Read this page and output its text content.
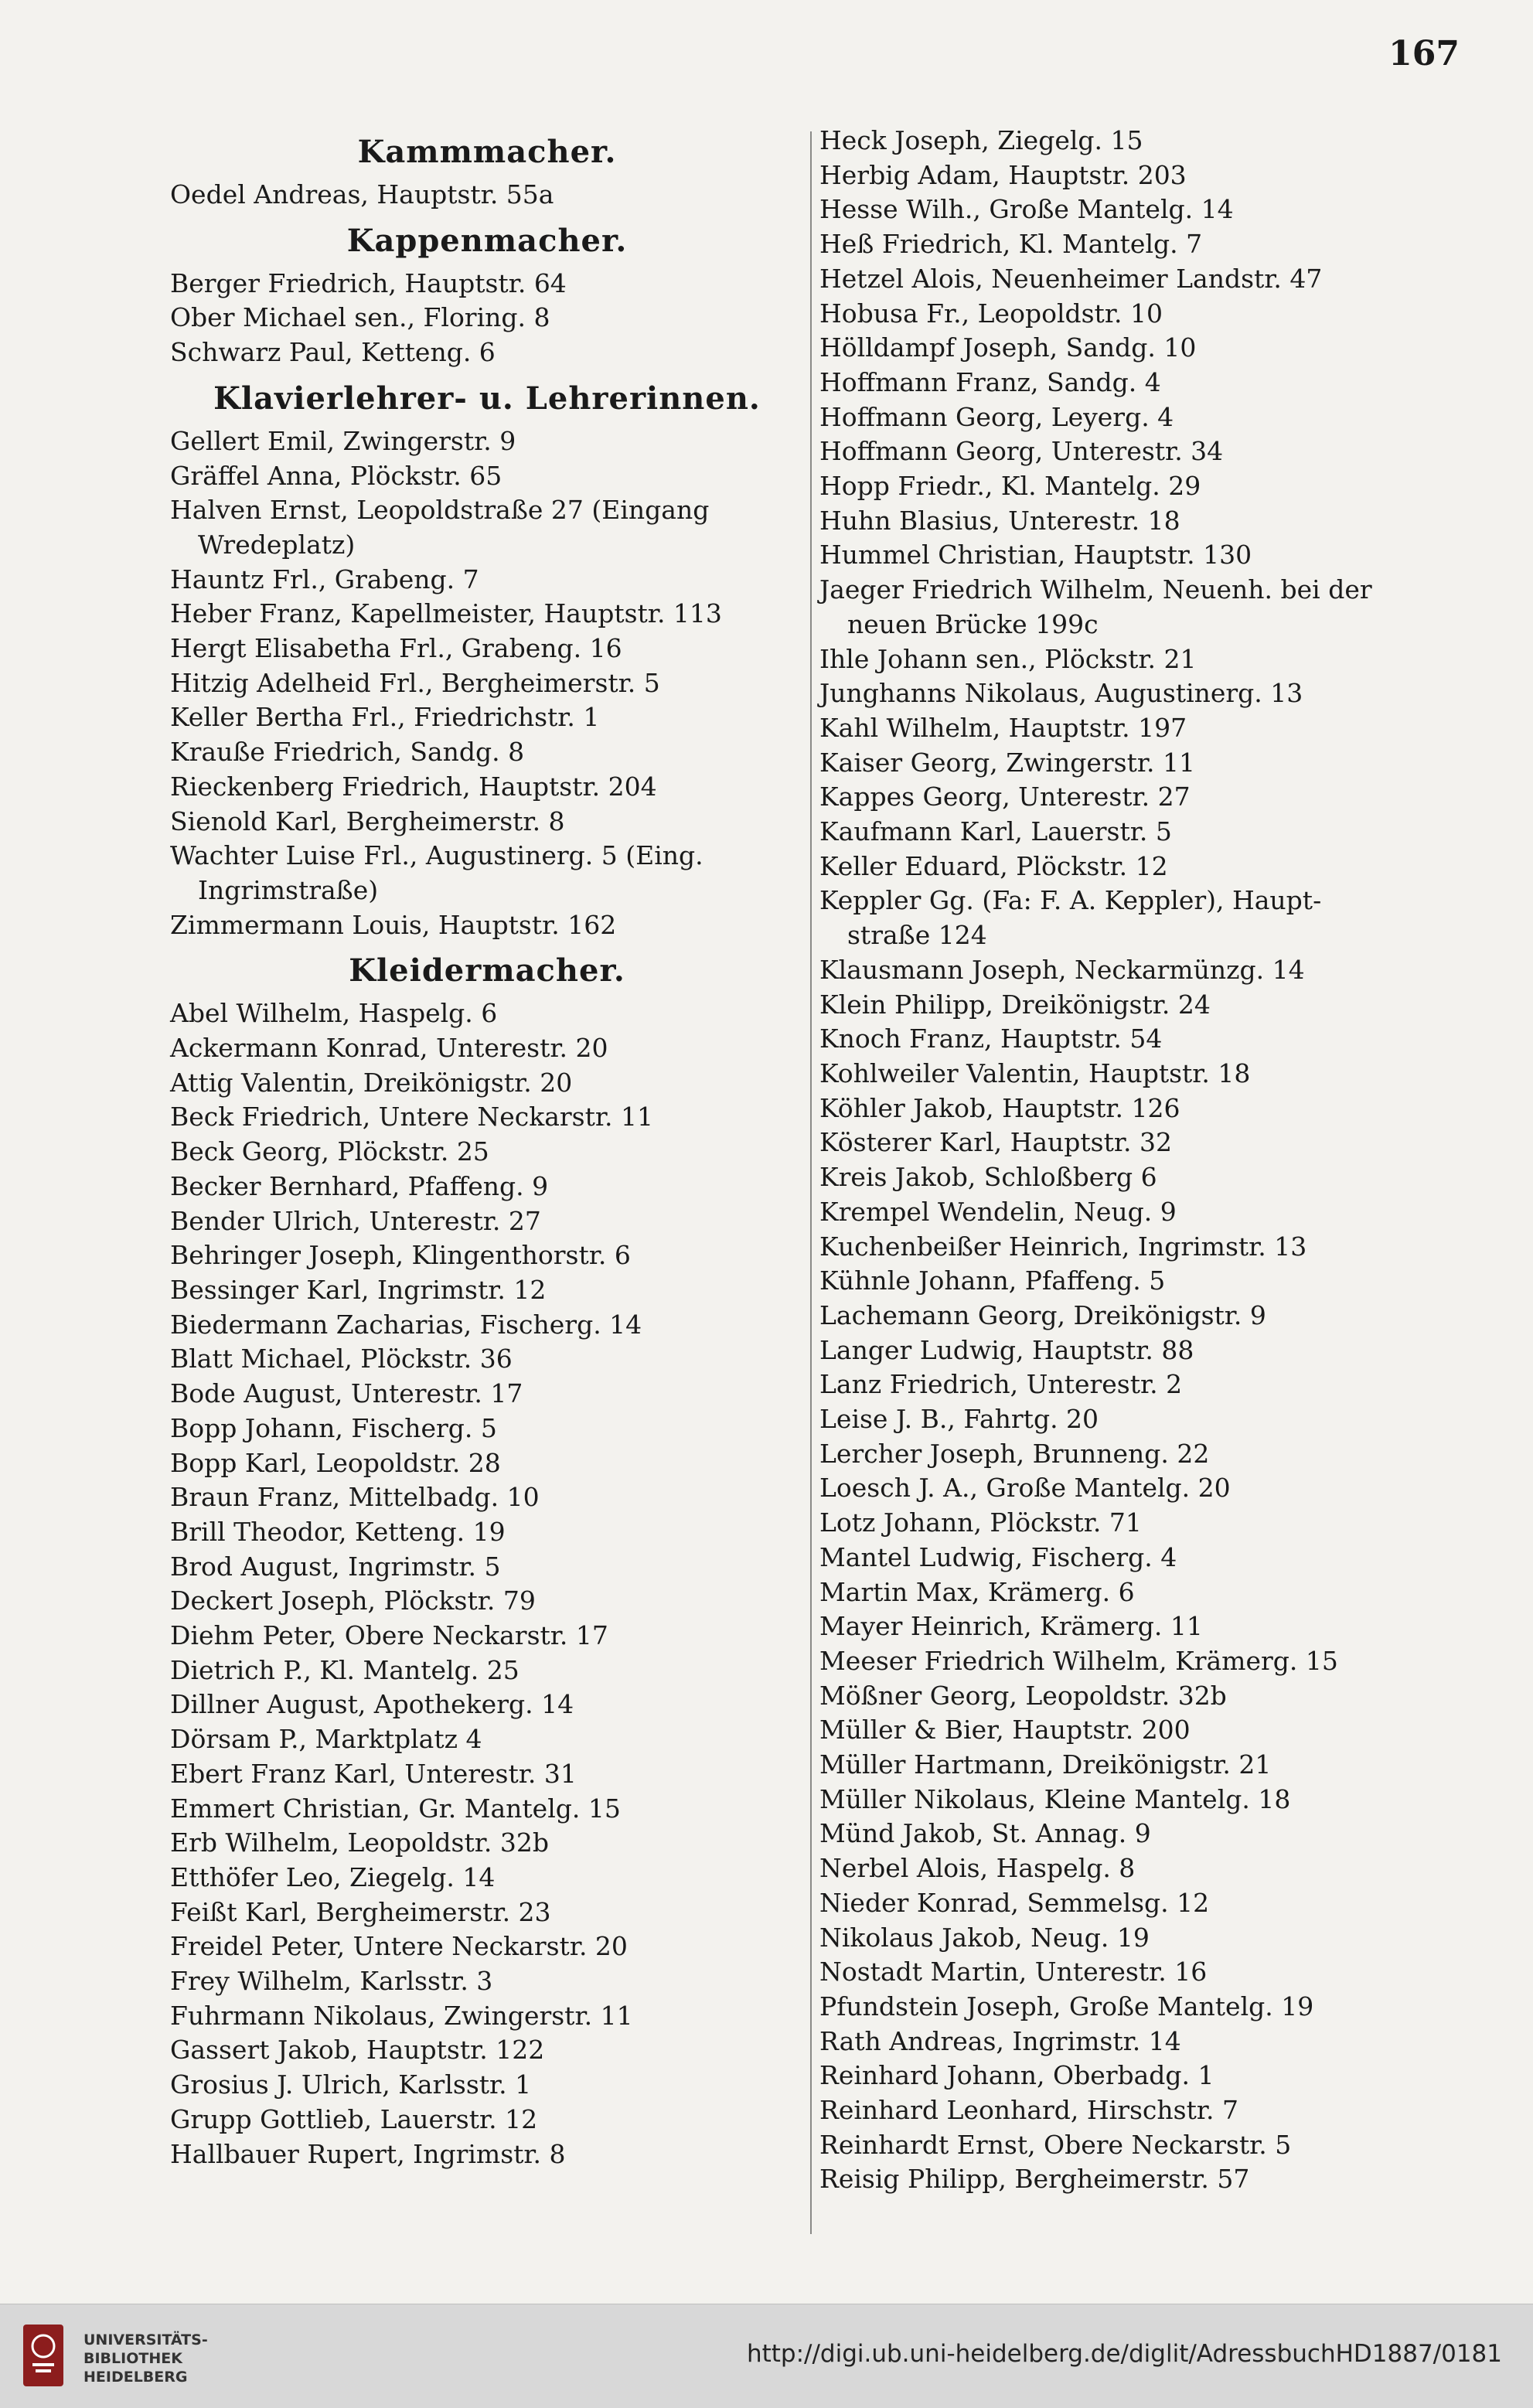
167
Kammmacher.
Oedel Andreas, Hauptstr. 55a
Kappenmacher.
Berger Friedrich, Hauptstr. 64
Ober Michael sen., Floring. 8
Schwarz Paul, Ketteng. 6
Klavierlehrer- u. Lehrerinnen.
Gellert Emil, Zwingerstr. 9
Gräffel Anna, Plöckstr. 65
Halven Ernst, Leopoldstraße 27 (Eingang
Wredeplatz)
Hauntz Frl., Grabeng. 7
Heber Franz, Kapellmeister, Hauptstr. 113
Hergt Elisabetha Frl., Grabeng. 16
Hitzig Adelheid Frl., Bergheimerstr. 5
Keller Bertha Frl., Friedrichstr. 1
Kraußе Friedrich, Sandg. 8
Rieckenberg Friedrich, Hauptstr. 204
Sienold Karl, Bergheimerstr. 8
Wachter Luise Frl., Augustinerg. 5 (Eing.
Ingrimstraße)
Zimmermann Louis, Hauptstr. 162
Kleidermacher.
Abel Wilhelm, Haspelg. 6
Ackermann Konrad, Unterestr. 20
Attig Valentin, Dreikönigstr. 20
Beck Friedrich, Untere Neckarstr. 11
Beck Georg, Plöckstr. 25
Becker Bernhard, Pfaffeng. 9
Bender Ulrich, Unterestr. 27
Behringer Joseph, Klingenthorstr. 6
Bessinger Karl, Ingrimstr. 12
Biedermann Zacharias, Fischerg. 14
Blatt Michael, Plöckstr. 36
Bode August, Unterestr. 17
Bopp Johann, Fischerg. 5
Bopp Karl, Leopoldstr. 28
Braun Franz, Mittelbadg. 10
Brill Theodor, Ketteng. 19
Brod August, Ingrimstr. 5
Deckert Joseph, Plöckstr. 79
Diehm Peter, Obere Neckarstr. 17
Dietrich P., Kl. Mantelg. 25
Dillner August, Apothekerg. 14
Dörsam P., Marktplatz 4
Ebert Franz Karl, Unterestr. 31
Emmert Christian, Gr. Mantelg. 15
Erb Wilhelm, Leopoldstr. 32b
Etthöfer Leo, Ziegelg. 14
Feißt Karl, Bergheimerstr. 23
Freidel Peter, Untere Neckarstr. 20
Frey Wilhelm, Karlsstr. 3
Fuhrmann Nikolaus, Zwingerstr. 11
Gassert Jakob, Hauptstr. 122
Grosius J. Ulrich, Karlsstr. 1
Grupp Gottlieb, Lauerstr. 12
Hallbauer Rupert, Ingrimstr. 8
Heck Joseph, Ziegelg. 15
Herbig Adam, Hauptstr. 203
Hesse Wilh., Große Mantelg. 14
Heß Friedrich, Kl. Mantelg. 7
Hetzel Alois, Neuenheimer Landstr. 47
Hobusa Fr., Leopoldstr. 10
Hölldampf Joseph, Sandg. 10
Hoffmann Franz, Sandg. 4
Hoffmann Georg, Leyerg. 4
Hoffmann Georg, Unterestr. 34
Hopp Friedr., Kl. Mantelg. 29
Huhn Blasius, Unterestr. 18
Hummel Christian, Hauptstr. 130
Jaeger Friedrich Wilhelm, Neuenh. bei der
neuen Brücke 199c
Ihle Johann sen., Plöckstr. 21
Junghanns Nikolaus, Augustinerg. 13
Kahl Wilhelm, Hauptstr. 197
Kaiser Georg, Zwingerstr. 11
Kappes Georg, Unterestr. 27
Kaufmann Karl, Lauerstr. 5
Keller Eduard, Plöckstr. 12
Keppler Gg. (Fa: F. A. Keppler), Haupt-
straße 124
Klausmann Joseph, Neckarmünzg. 14
Klein Philipp, Dreikönigstr. 24
Knoch Franz, Hauptstr. 54
Kohlweiler Valentin, Hauptstr. 18
Köhler Jakob, Hauptstr. 126
Kösterer Karl, Hauptstr. 32
Kreis Jakob, Schloßberg 6
Krempel Wendelin, Neug. 9
Kuchenbeißer Heinrich, Ingrimstr. 13
Kühnle Johann, Pfaffeng. 5
Lachemann Georg, Dreikönigstr. 9
Langer Ludwig, Hauptstr. 88
Lanz Friedrich, Unterestr. 2
Leise J. B., Fahrtg. 20
Lercher Joseph, Brunneng. 22
Loesch J. A., Große Mantelg. 20
Lotz Johann, Plöckstr. 71
Mantel Ludwig, Fischerg. 4
Martin Max, Krämerg. 6
Mayer Heinrich, Krämerg. 11
Meeser Friedrich Wilhelm, Krämerg. 15
Mößner Georg, Leopoldstr. 32b
Müller & Bier, Hauptstr. 200
Müller Hartmann, Dreikönigstr. 21
Müller Nikolaus, Kleine Mantelg. 18
Münd Jakob, St. Annag. 9
Nerbel Alois, Haspelg. 8
Nieder Konrad, Semmelsg. 12
Nikolaus Jakob, Neug. 19
Nostadt Martin, Unterestr. 16
Pfundstein Joseph, Große Mantelg. 19
Rath Andreas, Ingrimstr. 14
Reinhard Johann, Oberbadg. 1
Reinhard Leonhard, Hirschstr. 7
Reinhardt Ernst, Obere Neckarstr. 5
Reisig Philipp, Bergheimerstr. 57
UNIVERSITÄTS-
BIBLIOTHEK
HEIDELBERG
http://digi.ub.uni-heidelberg.de/diglit/AdressbuchHD1887/0181
